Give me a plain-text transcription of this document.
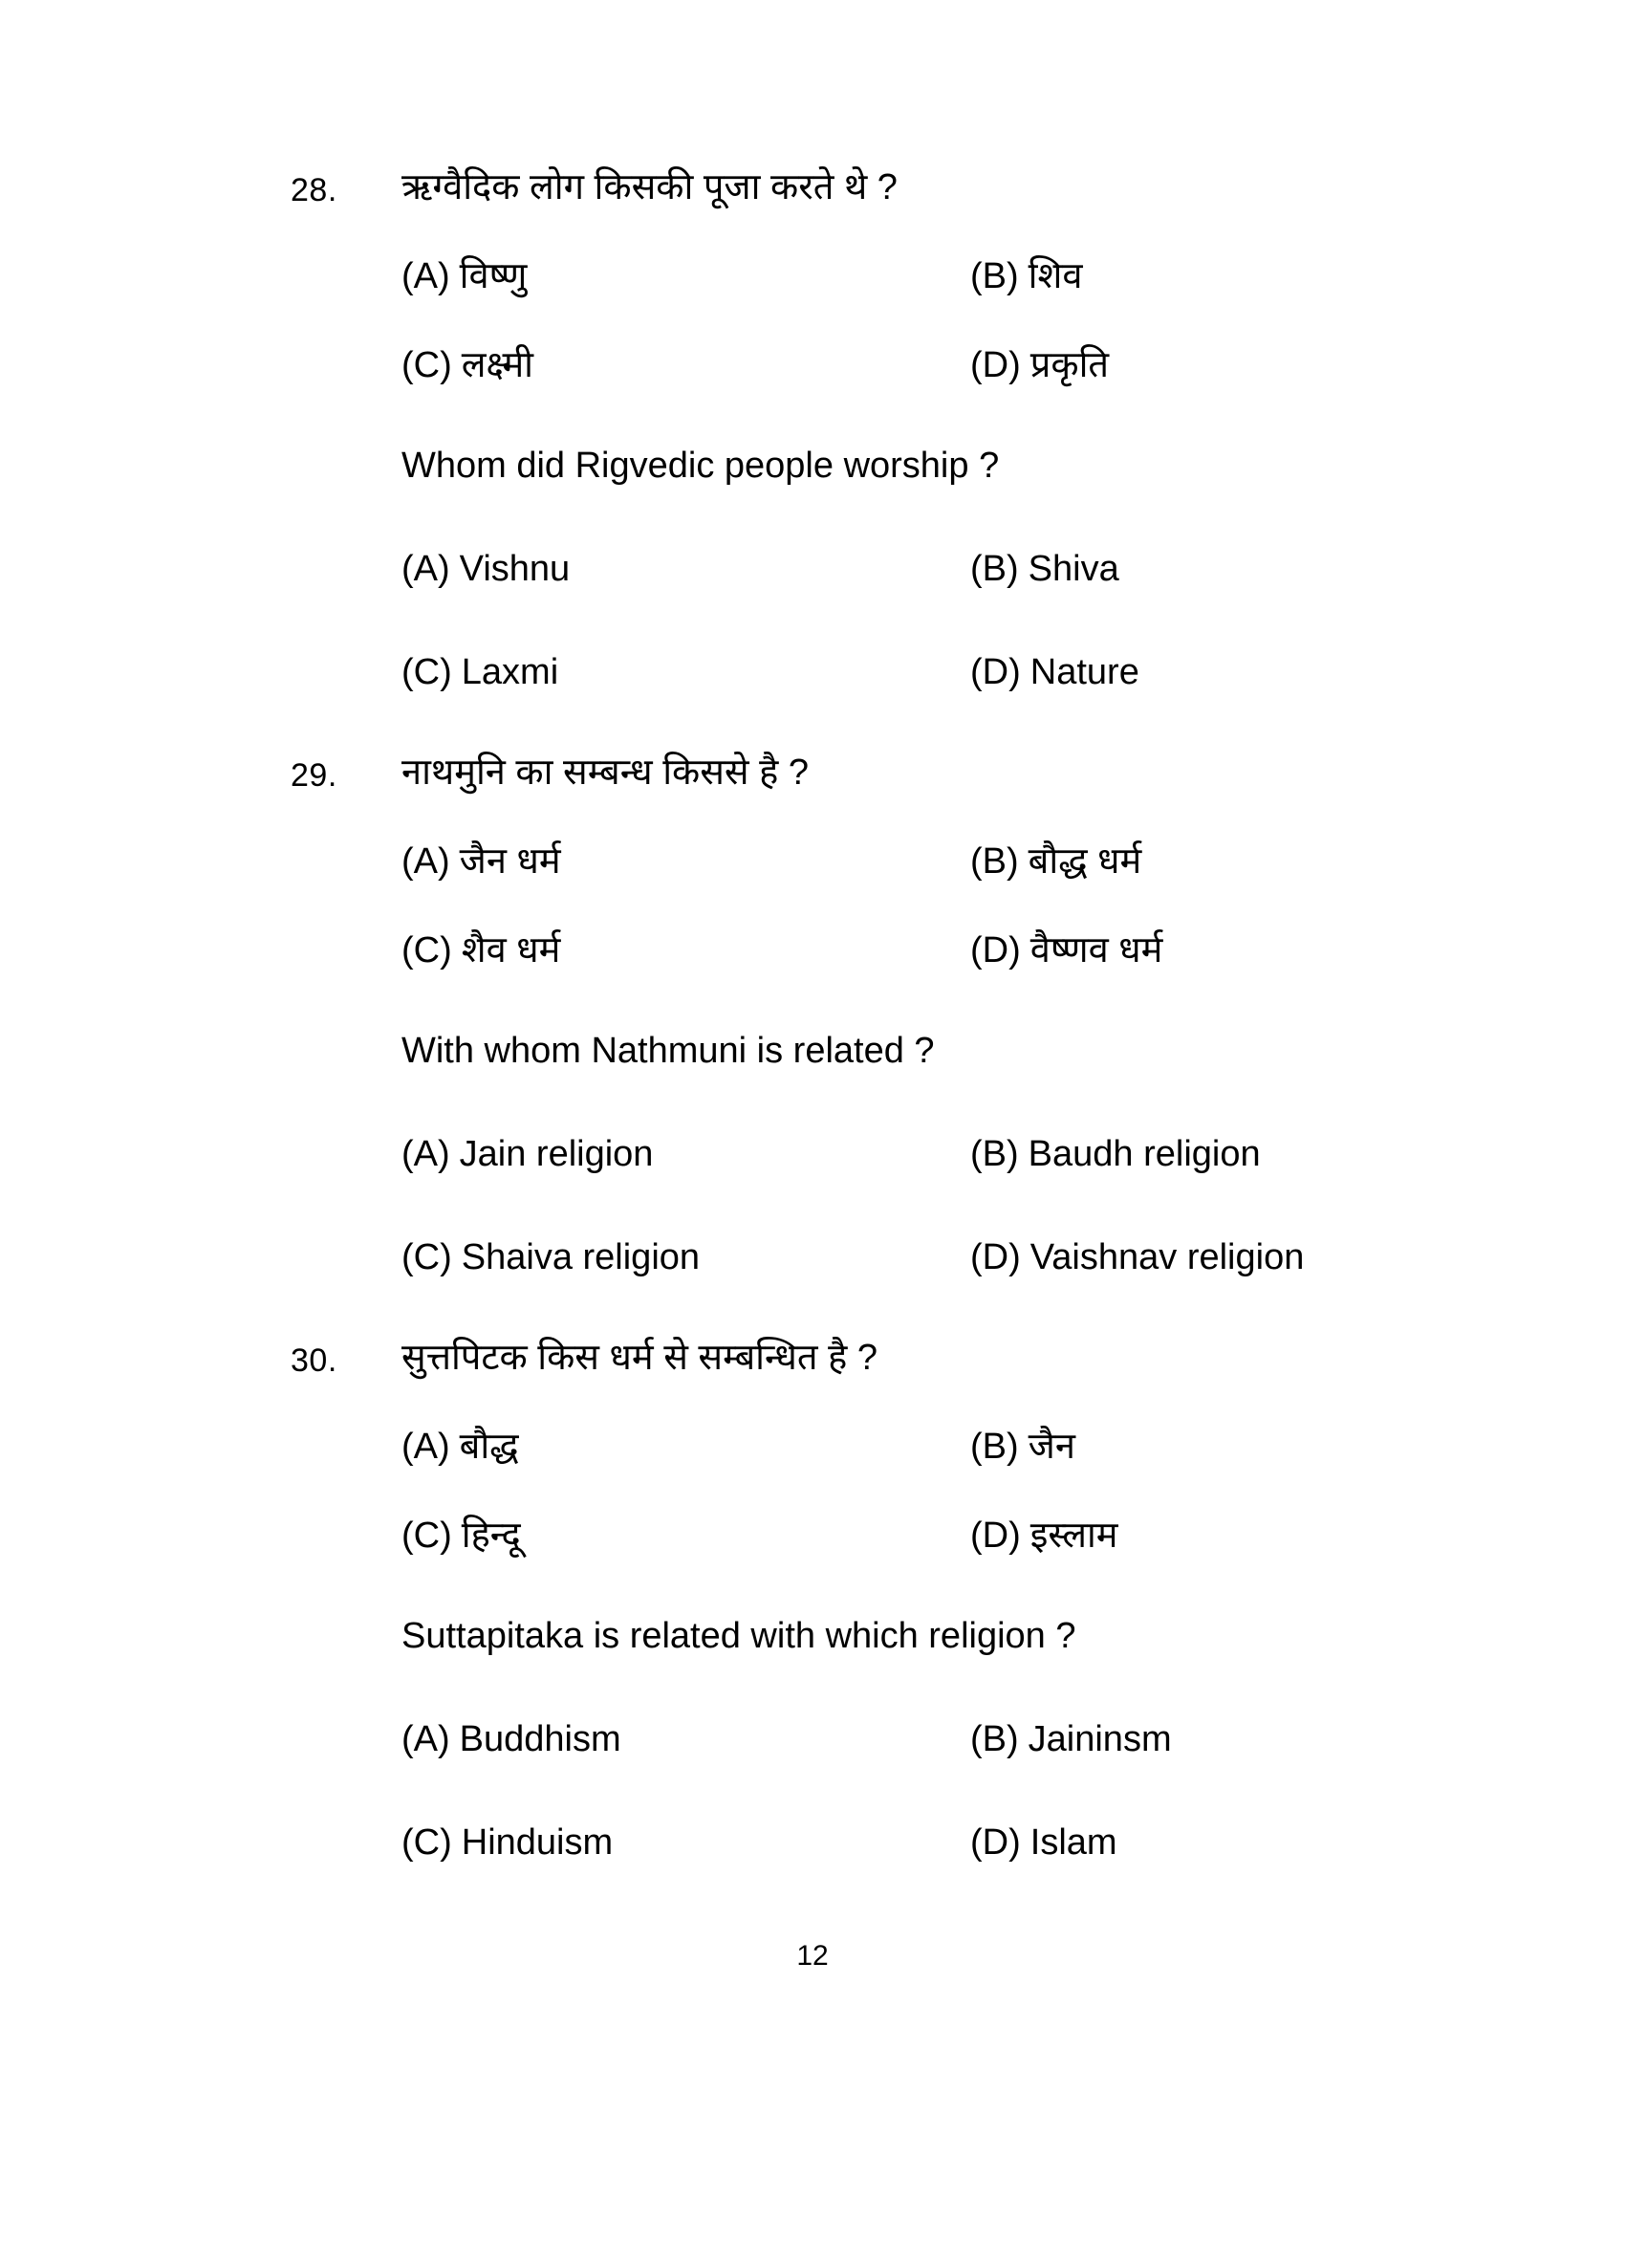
28. ऋग्वैदिक लोग किसकी पूजा करते थे ?
(A) विष्णु	(B) शिव
(C) लक्ष्मी	(D) प्रकृति
Whom did Rigvedic people worship ?
(A) Vishnu	(B) Shiva
(C) Laxmi	(D) Nature
29. नाथमुनि का सम्बन्ध किससे है ?
(A) जैन धर्म	(B) बौद्ध धर्म
(C) शैव धर्म	(D) वैष्णव धर्म
With whom Nathmuni is related ?
(A) Jain religion	(B) Baudh religion
(C) Shaiva religion	(D) Vaishnav religion
30. सुत्तपिटक किस धर्म से सम्बन्धित है ?
(A) बौद्ध	(B) जैन
(C) हिन्दू	(D) इस्लाम
Suttapitaka is related with which religion ?
(A) Buddhism	(B) Jaininsm
(C) Hinduism	(D) Islam
12
